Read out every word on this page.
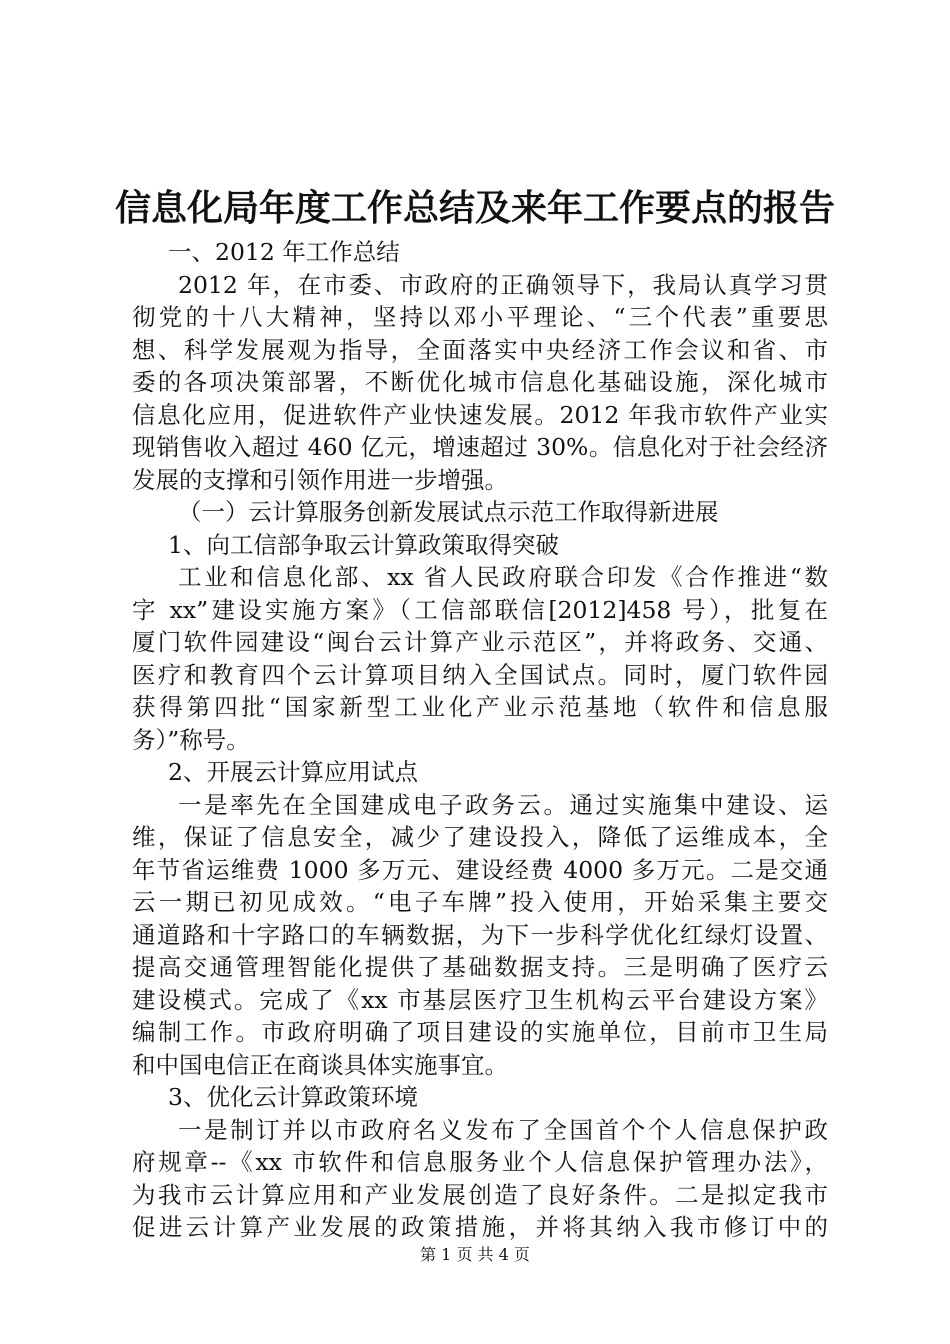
信息化局年度工作总结及来年工作要点的报告
一、2012 年工作总结
2012 年，在市委、市政府的正确领导下，我局认真学习贯
彻党的十八大精神，坚持以邓小平理论、“三个代表”重要思
想、科学发展观为指导，全面落实中央经济工作会议和省、市
委的各项决策部署，不断优化城市信息化基础设施，深化城市
信息化应用，促进软件产业快速发展。2012 年我市软件产业实
现销售收入超过 460 亿元，增速超过 30%。信息化对于社会经济
发展的支撑和引领作用进一步增强。
（一）云计算服务创新发展试点示范工作取得新进展
1、向工信部争取云计算政策取得突破
工业和信息化部、xx 省人民政府联合印发《合作推进“数
字 xx”建设实施方案》（工信部联信[2012]458 号），批复在
厦门软件园建设“闽台云计算产业示范区”，并将政务、交通、
医疗和教育四个云计算项目纳入全国试点。同时，厦门软件园
获得第四批“国家新型工业化产业示范基地（软件和信息服
务）”称号。
2、开展云计算应用试点
一是率先在全国建成电子政务云。通过实施集中建设、运
维，保证了信息安全，减少了建设投入，降低了运维成本，全
年节省运维费 1000 多万元、建设经费 4000 多万元。二是交通
云一期已初见成效。“电子车牌”投入使用，开始采集主要交
通道路和十字路口的车辆数据，为下一步科学优化红绿灯设置、
提高交通管理智能化提供了基础数据支持。三是明确了医疗云
建设模式。完成了《xx 市基层医疗卫生机构云平台建设方案》
编制工作。市政府明确了项目建设的实施单位，目前市卫生局
和中国电信正在商谈具体实施事宜。
3、优化云计算政策环境
一是制订并以市政府名义发布了全国首个个人信息保护政
府规章--《xx 市软件和信息服务业个人信息保护管理办法》，
为我市云计算应用和产业发展创造了良好条件。二是拟定我市
促进云计算产业发展的政策措施，并将其纳入我市修订中的
第 1 页 共 4 页
